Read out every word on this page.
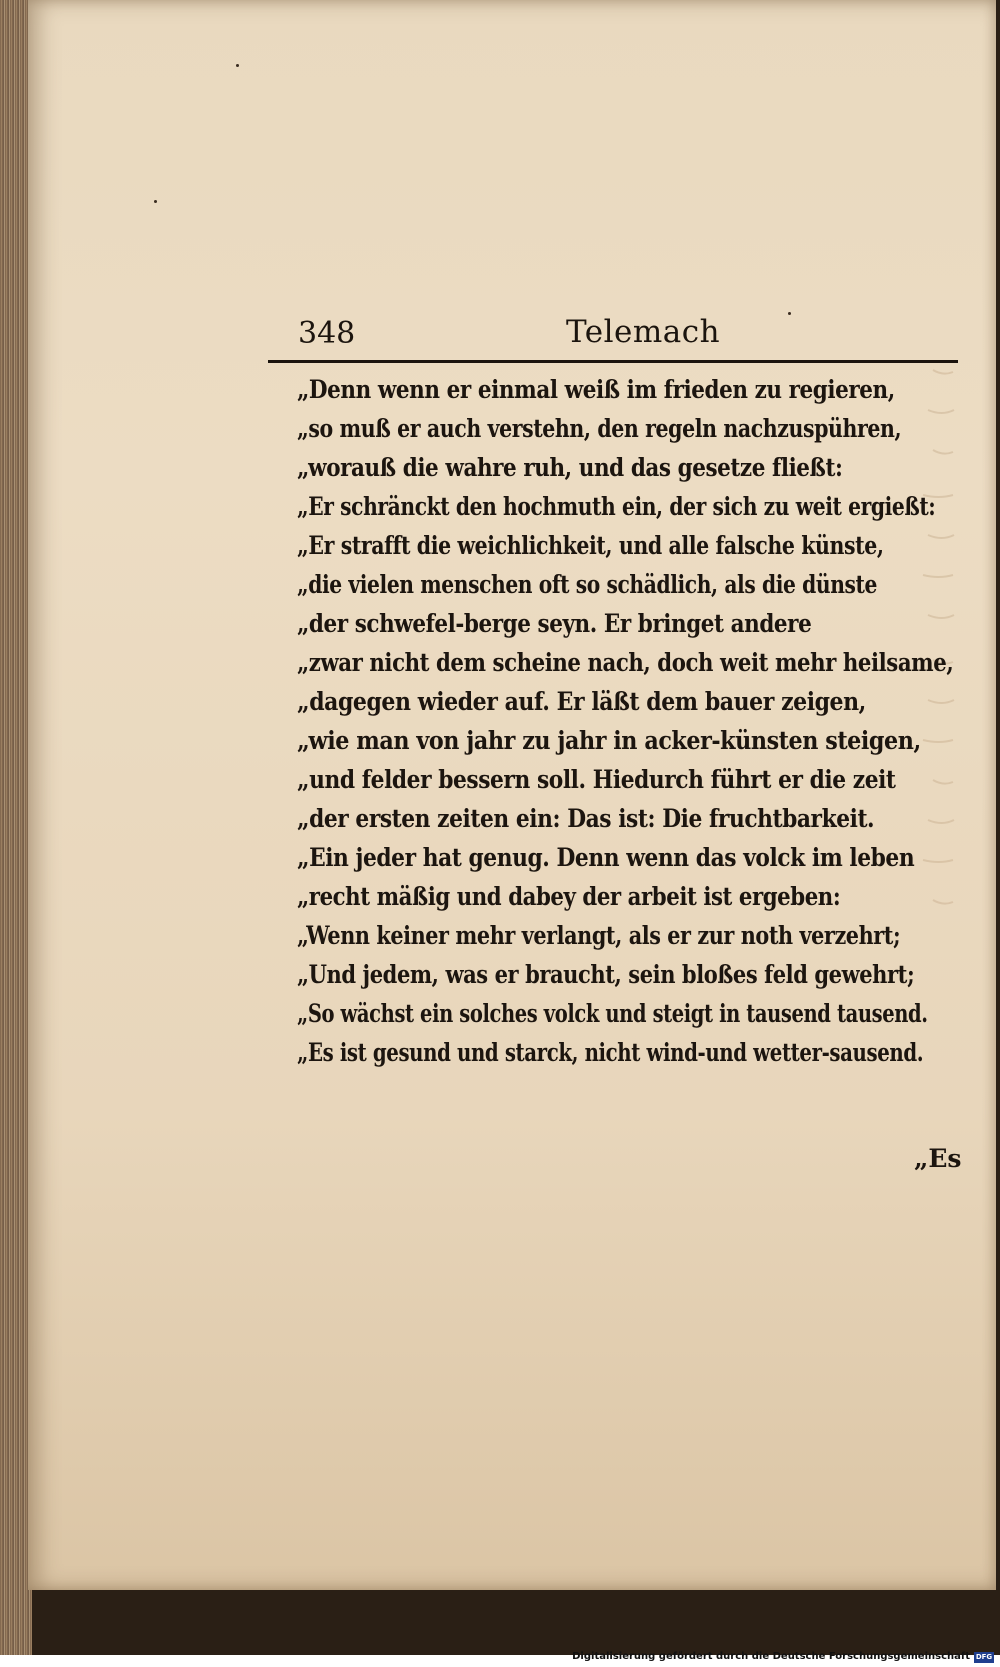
348	Telemach
„Denn wenn er einmal weiß im frieden zu regieren,
„so muß er auch verstehn, den regeln nachzuspühren,
„worauß die wahre ruh, und das gesetze fließt:
„Er schränckt den hochmuth ein, der sich zu weit ergießt:
„Er strafft die weichlichkeit, und alle falsche künste,
„die vielen menschen oft so schädlich, als die dünste
„der schwefel-berge seyn. Er bringet andere
„zwar nicht dem scheine nach, doch weit mehr heilsame,
„dagegen wieder auf. Er läßt dem bauer zeigen,
„wie man von jahr zu jahr in acker-künsten steigen,
„und felder bessern soll. Hiedurch führt er die zeit
„der ersten zeiten ein: Das ist: Die fruchtbarkeit.
„Ein jeder hat genug. Denn wenn das volck im leben
„recht mäßig und dabey der arbeit ist ergeben:
„Wenn keiner mehr verlangt, als er zur noth verzehrt;
„Und jedem, was er braucht, sein bloßes feld gewehrt;
„So wächst ein solches volck und steigt in tausend tausend.
„Es ist gesund und starck, nicht wind-und wetter-sausend.
„Es
Digitalisierung gefördert durch die Deutsche Forschungsgemeinschaft DFG
